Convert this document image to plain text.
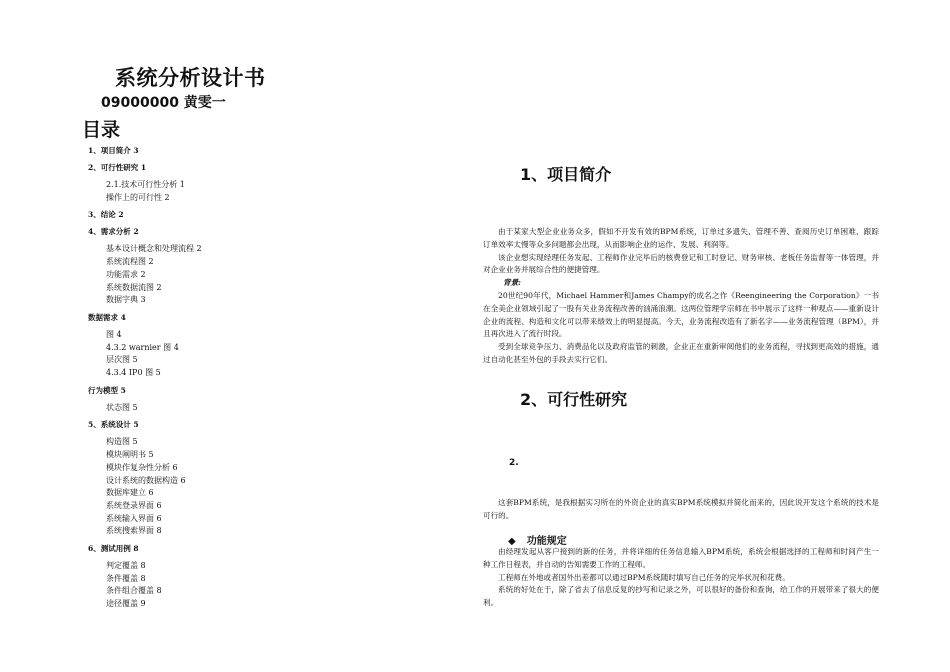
系统分析设计书
09000000 黄雯一
目录
1、项目简介 3
2、可行性研究 1
2.1.技术可行性分析 1
操作上的可行性 2
3、结论 2
4、需求分析 2
基本设计概念和处理流程 2
系统流程图 2
功能需求 2
系统数据流图 2
数据字典 3
数据需求 4
图 4
4.3.2 warnier 图 4
层次图 5
4.3.4 IP0 图 5
行为模型 5
状态图 5
5、系统设计 5
构造图 5
模块阐明书 5
模块作复杂性分析 6
设计系统的数据构造 6
数据库建立 6
系统登录界面 6
系统输入界面 6
系统搜索界面 8
6、测试用例 8
判定覆盖 8
条件覆盖 8
条件组合覆盖 8
途径覆盖 9
1、项目简介

由于某家大型企业业务众多，假如不开发有效的BPM系统，订单过多遗失、管理不善、查阅历史订单困难、跟踪订单效率太慢等众多问题都会出现，从而影响企业的运作、发展、利润等。

该企业想实现经理任务发起、工程师作业完毕后的核费登记和工时登记、财务审核、老板任务监督等一体管理，并对企业业务并展综合性的便捷管理。

背景:

20世纪90年代，Michael Hammer和James Champy的成名之作《Reengineering the Corporation》一书在全美企业领域引起了一股有关业务流程改善的汹涌浪潮。这两位管理学宗师在书中展示了这样一种观点——重新设计企业的流程、构造和文化可以带来绩效上的明显提高。今天，业务流程改造有了新名字——业务流程管理（BPM），并且再次进入了流行时段。

受到全球竞争压力、消费品化以及政府监管的刺激，企业正在重新审阅他们的业务流程，寻找到更高效的措施，通过自动化甚至外包的手段去实行它们。

2、可行性研究
2.

这套BPM系统，是我根据实习所在的外资企业的真实BPM系统模拟并简化而来的，因此说开发这个系统的技术是可行的。

◆ 功能规定

由经理发起从客户接到的新的任务，并将详细的任务信息输入BPM系统，系统会根据选择的工程师和时间产生一种工作日程表，并自动的告知需要工作的工程师。

工程师在外地或者国外出差都可以通过BPM系统随时填写自己任务的完毕状况和花费。

系统的好处在于，除了省去了信息反复的抄写和记录之外，可以很好的备份和查询，给工作的开展带来了很大的便利。
